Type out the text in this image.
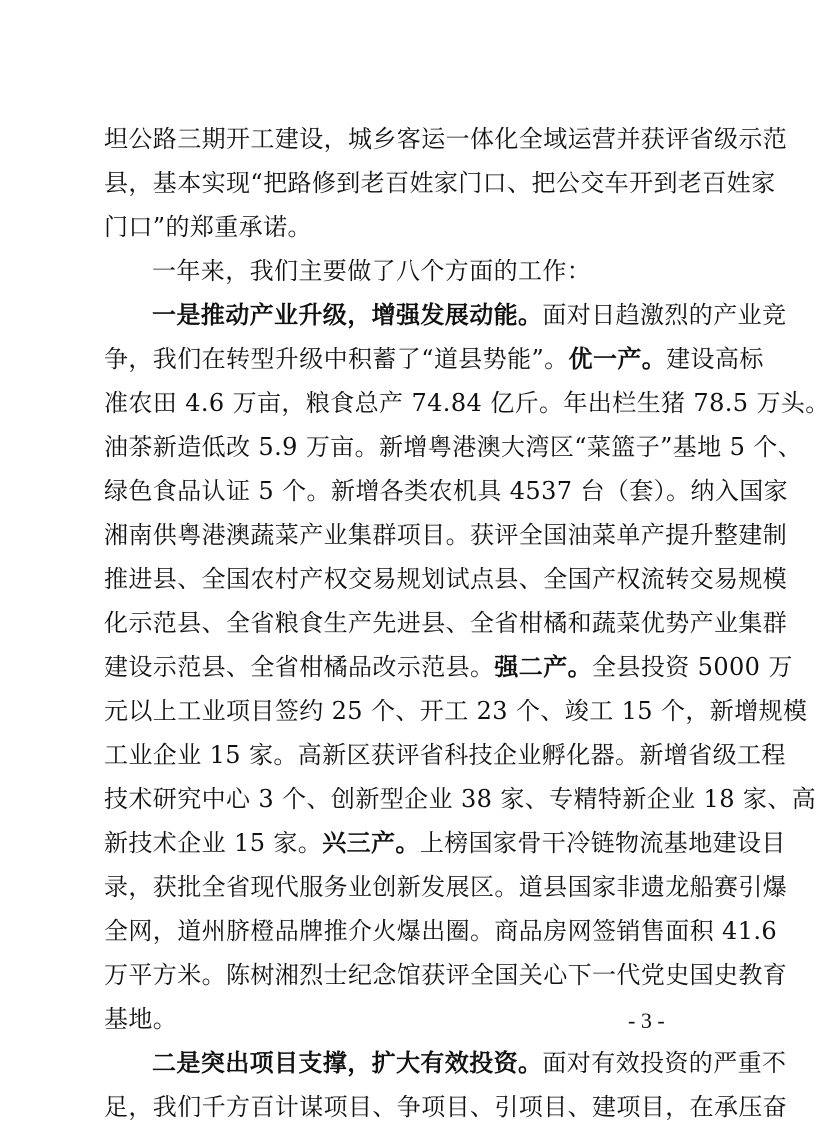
坦公路三期开工建设，城乡客运一体化全域运营并获评省级示范
县，基本实现“把路修到老百姓家门口、把公交车开到老百姓家
门口”的郑重承诺。
一年来，我们主要做了八个方面的工作：
一是推动产业升级，增强发展动能。面对日趋激烈的产业竞
争，我们在转型升级中积蓄了“道县势能”。优一产。建设高标
准农田 4.6 万亩，粮食总产 74.84 亿斤。年出栏生猪 78.5 万头。
油茶新造低改 5.9 万亩。新增粤港澳大湾区“菜篮子”基地 5 个、
绿色食品认证 5 个。新增各类农机具 4537 台（套）。纳入国家
湘南供粤港澳蔬菜产业集群项目。获评全国油菜单产提升整建制
推进县、全国农村产权交易规划试点县、全国产权流转交易规模
化示范县、全省粮食生产先进县、全省柑橘和蔬菜优势产业集群
建设示范县、全省柑橘品改示范县。强二产。全县投资 5000 万
元以上工业项目签约 25 个、开工 23 个、竣工 15 个，新增规模
工业企业 15 家。高新区获评省科技企业孵化器。新增省级工程
技术研究中心 3 个、创新型企业 38 家、专精特新企业 18 家、高
新技术企业 15 家。兴三产。上榜国家骨干冷链物流基地建设目
录，获批全省现代服务业创新发展区。道县国家非遗龙船赛引爆
全网，道州脐橙品牌推介火爆出圈。商品房网签销售面积 41.6
万平方米。陈树湘烈士纪念馆获评全国关心下一代党史国史教育
基地。
二是突出项目支撑，扩大有效投资。面对有效投资的严重不
足，我们千方百计谋项目、争项目、引项目、建项目，在承压奋
- 3 -
